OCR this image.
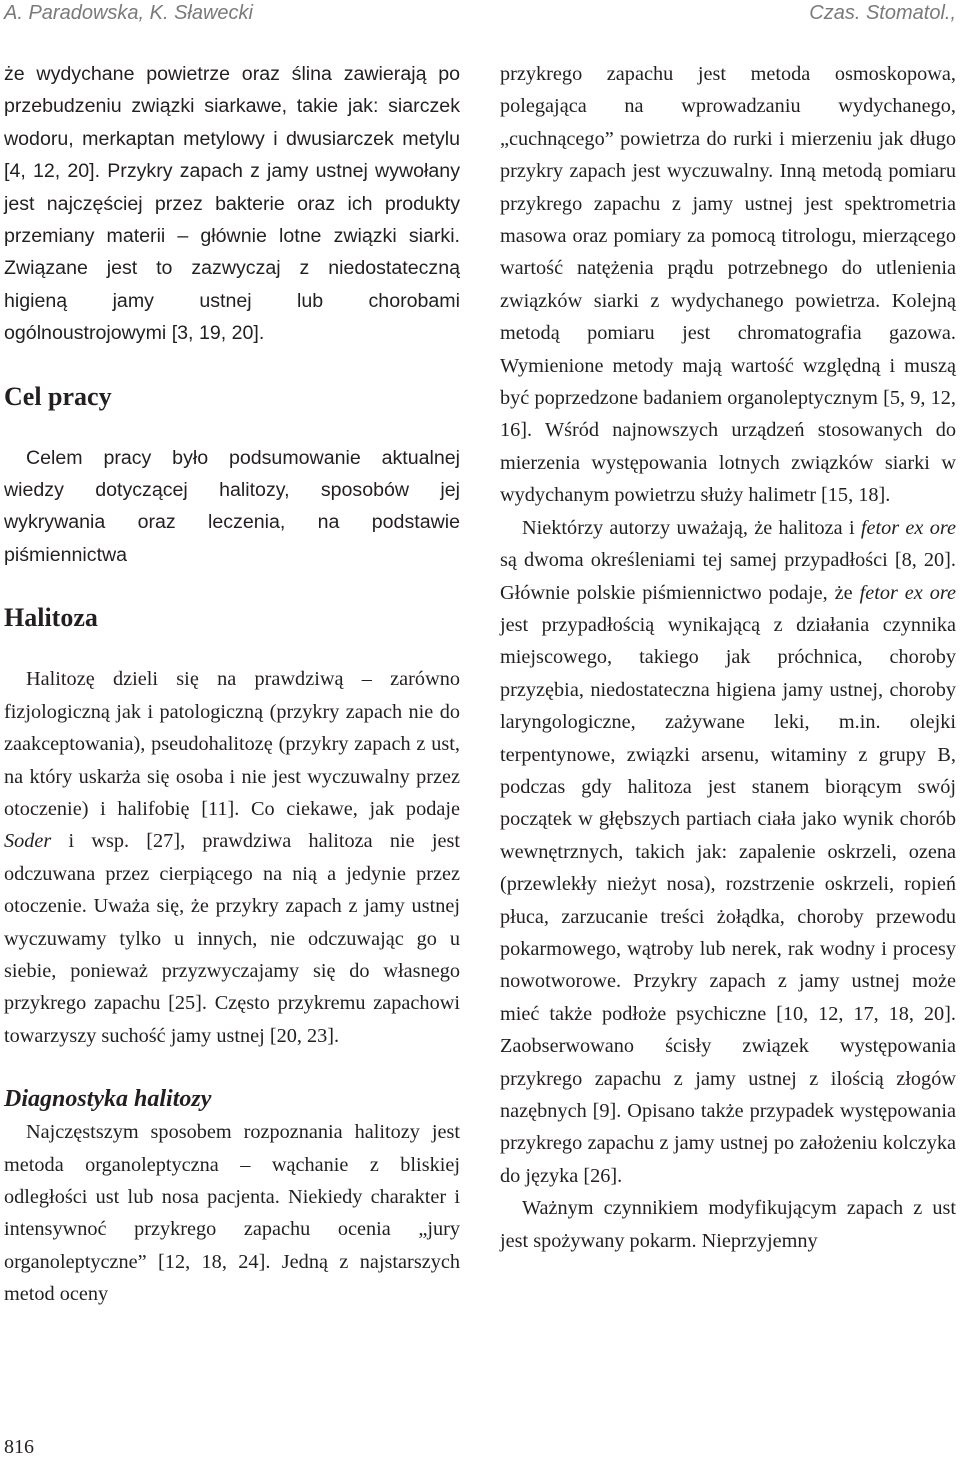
A. Paradowska, K. Sławecki	Czas. Stomatol.,

że wydychane powietrze oraz ślina zawierają po przebudzeniu związki siarkawe, takie jak: siarczek wodoru, merkaptan metylowy i dwusiarczek metylu [4, 12, 20]. Przykry zapach z jamy ustnej wywołany jest najczęściej przez bakterie oraz ich produkty przemiany materii – głównie lotne związki siarki. Związane jest to zazwyczaj z niedostateczną higieną jamy ustnej lub chorobami ogólnoustrojowymi [3, 19, 20].

Cel pracy

Celem pracy było podsumowanie aktualnej wiedzy dotyczącej halitozy, sposobów jej wykrywania oraz leczenia, na podstawie piśmiennictwa

Halitoza

Halitozę dzieli się na prawdziwą – zarówno fizjologiczną jak i patologiczną (przykry zapach nie do zaakceptowania), pseudohalitozę (przykry zapach z ust, na który uskarża się osoba i nie jest wyczuwalny przez otoczenie) i halifobię [11]. Co ciekawe, jak podaje Soder i wsp. [27], prawdziwa halitoza nie jest odczuwana przez cierpiącego na nią a jedynie przez otoczenie. Uważa się, że przykry zapach z jamy ustnej wyczuwamy tylko u innych, nie odczuwając go u siebie, ponieważ przyzwyczajamy się do własnego przykrego zapachu [25]. Często przykremu zapachowi towarzyszy suchość jamy ustnej [20, 23].

Diagnostyka halitozy

Najczęstszym sposobem rozpoznania halitozy jest metoda organoleptyczna – wąchanie z bliskiej odległości ust lub nosa pacjenta. Niekiedy charakter i intensywnoć przykrego zapachu ocenia „jury organoleptyczne” [12, 18, 24]. Jedną z najstarszych metod oceny

przykrego zapachu jest metoda osmoskopowa, polegająca na wprowadzaniu wydychanego, „cuchnącego” powietrza do rurki i mierzeniu jak długo przykry zapach jest wyczuwalny. Inną metodą pomiaru przykrego zapachu z jamy ustnej jest spektrometria masowa oraz pomiary za pomocą titrologu, mierzącego wartość natężenia prądu potrzebnego do utlenienia związków siarki z wydychanego powietrza. Kolejną metodą pomiaru jest chromatografia gazowa. Wymienione metody mają wartość względną i muszą być poprzedzone badaniem organoleptycznym [5, 9, 12, 16]. Wśród najnowszych urządzeń stosowanych do mierzenia występowania lotnych związków siarki w wydychanym powietrzu służy halimetr [15, 18].

Niektórzy autorzy uważają, że halitoza i fetor ex ore są dwoma określeniami tej samej przypadłości [8, 20]. Głównie polskie piśmiennictwo podaje, że fetor ex ore jest przypadłością wynikającą z działania czynnika miejscowego, takiego jak próchnica, choroby przyzębia, niedostateczna higiena jamy ustnej, choroby laryngologiczne, zażywane leki, m.in. olejki terpentynowe, związki arsenu, witaminy z grupy B, podczas gdy halitoza jest stanem biorącym swój początek w głębszych partiach ciała jako wynik chorób wewnętrznych, takich jak: zapalenie oskrzeli, ozena (przewlekły nieżyt nosa), rozstrzenie oskrzeli, ropień płuca, zarzucanie treści żołądka, choroby przewodu pokarmowego, wątroby lub nerek, rak wodny i procesy nowotworowe. Przykry zapach z jamy ustnej może mieć także podłoże psychiczne [10, 12, 17, 18, 20]. Zaobserwowano ścisły związek występowania przykrego zapachu z jamy ustnej z ilością złogów nazębnych [9]. Opisano także przypadek występowania przykrego zapachu z jamy ustnej po założeniu kolczyka do języka [26].

Ważnym czynnikiem modyfikującym zapach z ust jest spożywany pokarm. Nieprzyjemny

816
